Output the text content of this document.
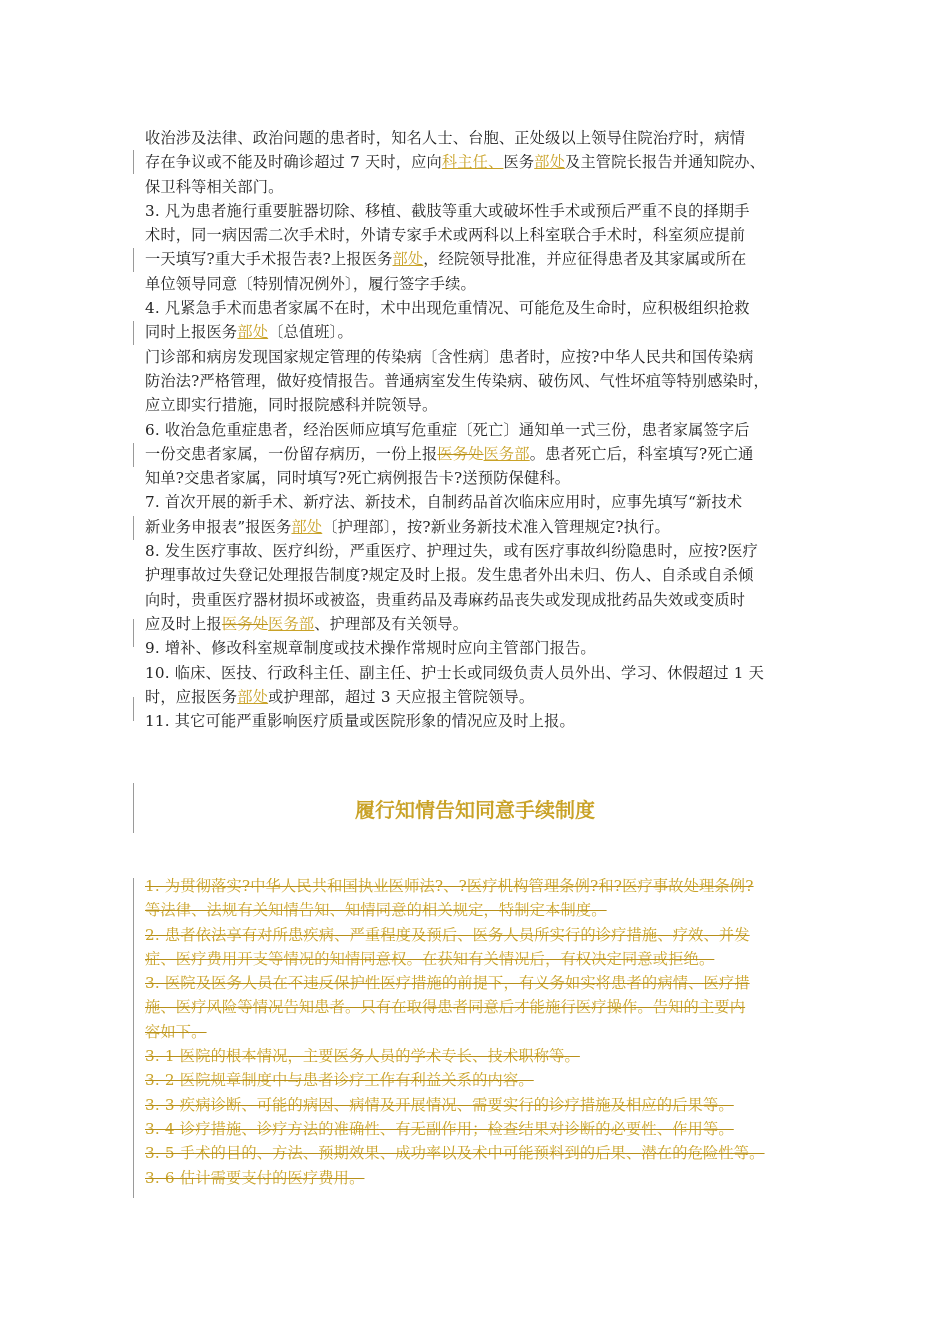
收治涉及法律、政治问题的患者时，知名人士、台胞、正处级以上领导住院治疗时，病情
存在争议或不能及时确诊超过 7 天时，应向科主任、医务部处及主管院长报告并通知院办、
保卫科等相关部门。
3. 凡为患者施行重要脏器切除、移植、截肢等重大或破坏性手术或预后严重不良的择期手
术时，同一病因需二次手术时，外请专家手术或两科以上科室联合手术时，科室须应提前
一天填写?重大手术报告表?上报医务部处，经院领导批准，并应征得患者及其家属或所在
单位领导同意〔特别情况例外〕，履行签字手续。
4. 凡紧急手术而患者家属不在时，术中出现危重情况、可能危及生命时，应积极组织抢救
同时上报医务部处〔总值班〕。
门诊部和病房发现国家规定管理的传染病〔含性病〕患者时，应按?中华人民共和国传染病
防治法?严格管理，做好疫情报告。普通病室发生传染病、破伤风、气性坏疽等特别感染时，
应立即实行措施，同时报院感科并院领导。
6. 收治急危重症患者，经治医师应填写危重症〔死亡〕通知单一式三份，患者家属签字后
一份交患者家属，一份留存病历，一份上报医务处医务部。患者死亡后，科室填写?死亡通
知单?交患者家属，同时填写?死亡病例报告卡?送预防保健科。
7. 首次开展的新手术、新疗法、新技术，自制药品首次临床应用时，应事先填写“新技术
新业务申报表”报医务部处〔护理部〕，按?新业务新技术准入管理规定?执行。
8. 发生医疗事故、医疗纠纷，严重医疗、护理过失，或有医疗事故纠纷隐患时，应按?医疗
护理事故过失登记处理报告制度?规定及时上报。发生患者外出未归、伤人、自杀或自杀倾
向时，贵重医疗器材损坏或被盗，贵重药品及毒麻药品丧失或发现成批药品失效或变质时
应及时上报医务处医务部、护理部及有关领导。
9. 增补、修改科室规章制度或技术操作常规时应向主管部门报告。
10. 临床、医技、行政科主任、副主任、护士长或同级负责人员外出、学习、休假超过 1 天
时，应报医务部处或护理部，超过 3 天应报主管院领导。
11. 其它可能严重影响医疗质量或医院形象的情况应及时上报。
履行知情告知同意手续制度
1. 为贯彻落实?中华人民共和国执业医师法?、?医疗机构管理条例?和?医疗事故处理条例?
等法律、法规有关知情告知、知情同意的相关规定，特制定本制度。
2. 患者依法享有对所患疾病、严重程度及预后、医务人员所实行的诊疗措施、疗效、并发
症、医疗费用开支等情况的知情同意权。在获知有关情况后，有权决定同意或拒绝。
3. 医院及医务人员在不违反保护性医疗措施的前提下，有义务如实将患者的病情、医疗措
施、医疗风险等情况告知患者。只有在取得患者同意后才能施行医疗操作。告知的主要内
容如下。
3. 1 医院的根本情况，主要医务人员的学术专长、技术职称等。
3. 2 医院规章制度中与患者诊疗工作有利益关系的内容。
3. 3 疾病诊断、可能的病因、病情及开展情况、需要实行的诊疗措施及相应的后果等。
3. 4 诊疗措施、诊疗方法的准确性、有无副作用；检查结果对诊断的必要性、作用等。
3. 5 手术的目的、方法、预期效果、成功率以及术中可能预料到的后果、潜在的危险性等。
3. 6 估计需要支付的医疗费用。
